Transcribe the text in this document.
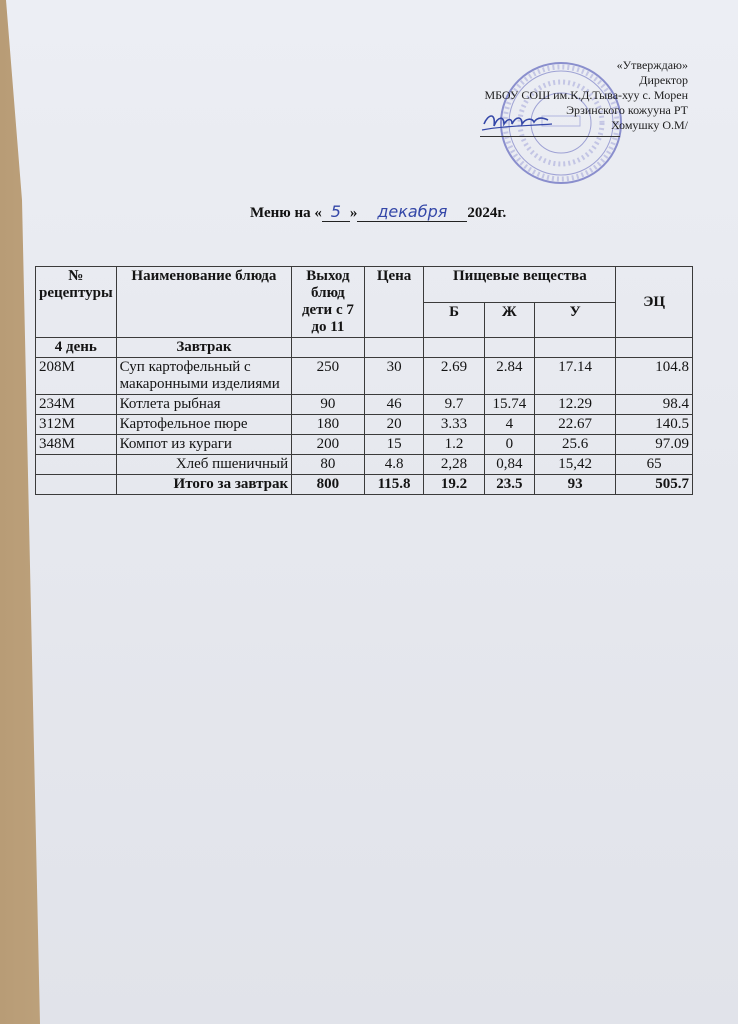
«Утверждаю»
Директор
МБОУ СОШ им.К.Д.Тыва-хуу с. Морен
Эрзинского кожууна РТ
Хомушку О.М/
Меню на « 5 » декабря 2024г.
№ рецептуры	Наименование блюда	Выход блюд дети с 7 до 11	Цена	Пищевые вещества			ЭЦ
				Б	Ж	У	
4 день	Завтрак						
208М	Суп картофельный с макаронными изделиями	250	30	2.69	2.84	17.14	104.8
234М	Котлета рыбная	90	46	9.7	15.74	12.29	98.4
312М	Картофельное пюре	180	20	3.33	4	22.67	140.5
348М	Компот из кураги	200	15	1.2	0	25.6	97.09
	Хлеб пшеничный	80	4.8	2,28	0,84	15,42	65
	Итого за завтрак	800	115.8	19.2	23.5	93	505.7
